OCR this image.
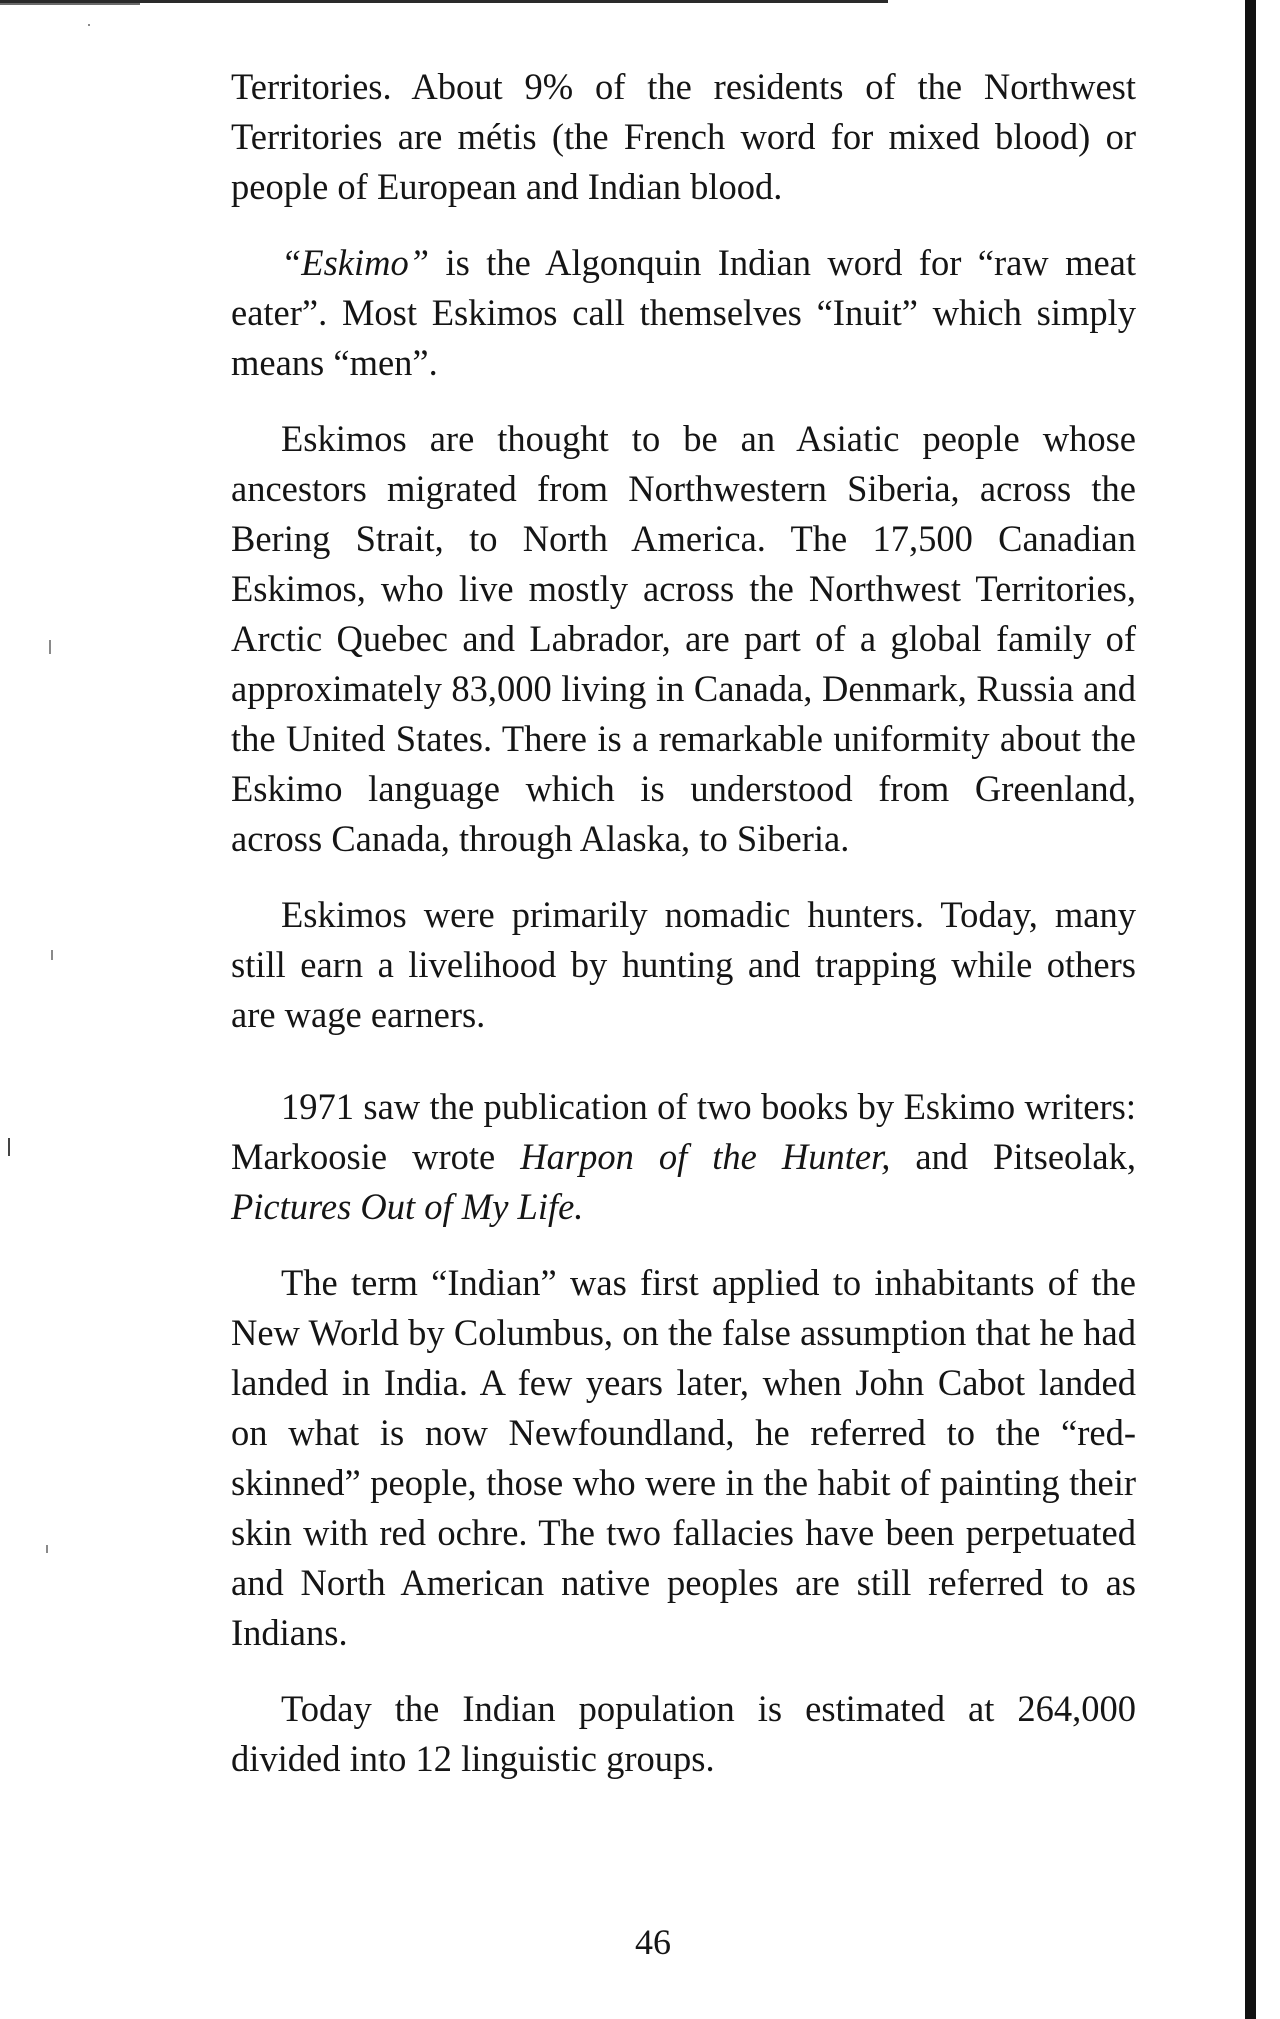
Territories. About 9% of the residents of the Northwest Territories are métis (the French word for mixed blood) or people of European and Indian blood.

“Eskimo” is the Algonquin Indian word for “raw meat eater”. Most Eskimos call themselves “Inuit” which simply means “men”.

Eskimos are thought to be an Asiatic people whose ancestors migrated from Northwestern Siberia, across the Bering Strait, to North America. The 17,500 Canadian Eskimos, who live mostly across the Northwest Territories, Arctic Quebec and Labrador, are part of a global family of approximately 83,000 living in Canada, Denmark, Russia and the United States. There is a remarkable uniformity about the Eskimo language which is understood from Greenland, across Canada, through Alaska, to Siberia.

Eskimos were primarily nomadic hunters. Today, many still earn a livelihood by hunting and trapping while others are wage earners.

1971 saw the publication of two books by Eskimo writers: Markoosie wrote Harpon of the Hunter, and Pitseolak, Pictures Out of My Life.

The term “Indian” was first applied to inhabitants of the New World by Columbus, on the false assumption that he had landed in India. A few years later, when John Cabot landed on what is now Newfoundland, he referred to the “red-skinned” people, those who were in the habit of painting their skin with red ochre. The two fallacies have been perpetuated and North American native peoples are still referred to as Indians.

Today the Indian population is estimated at 264,000 divided into 12 linguistic groups.

46
